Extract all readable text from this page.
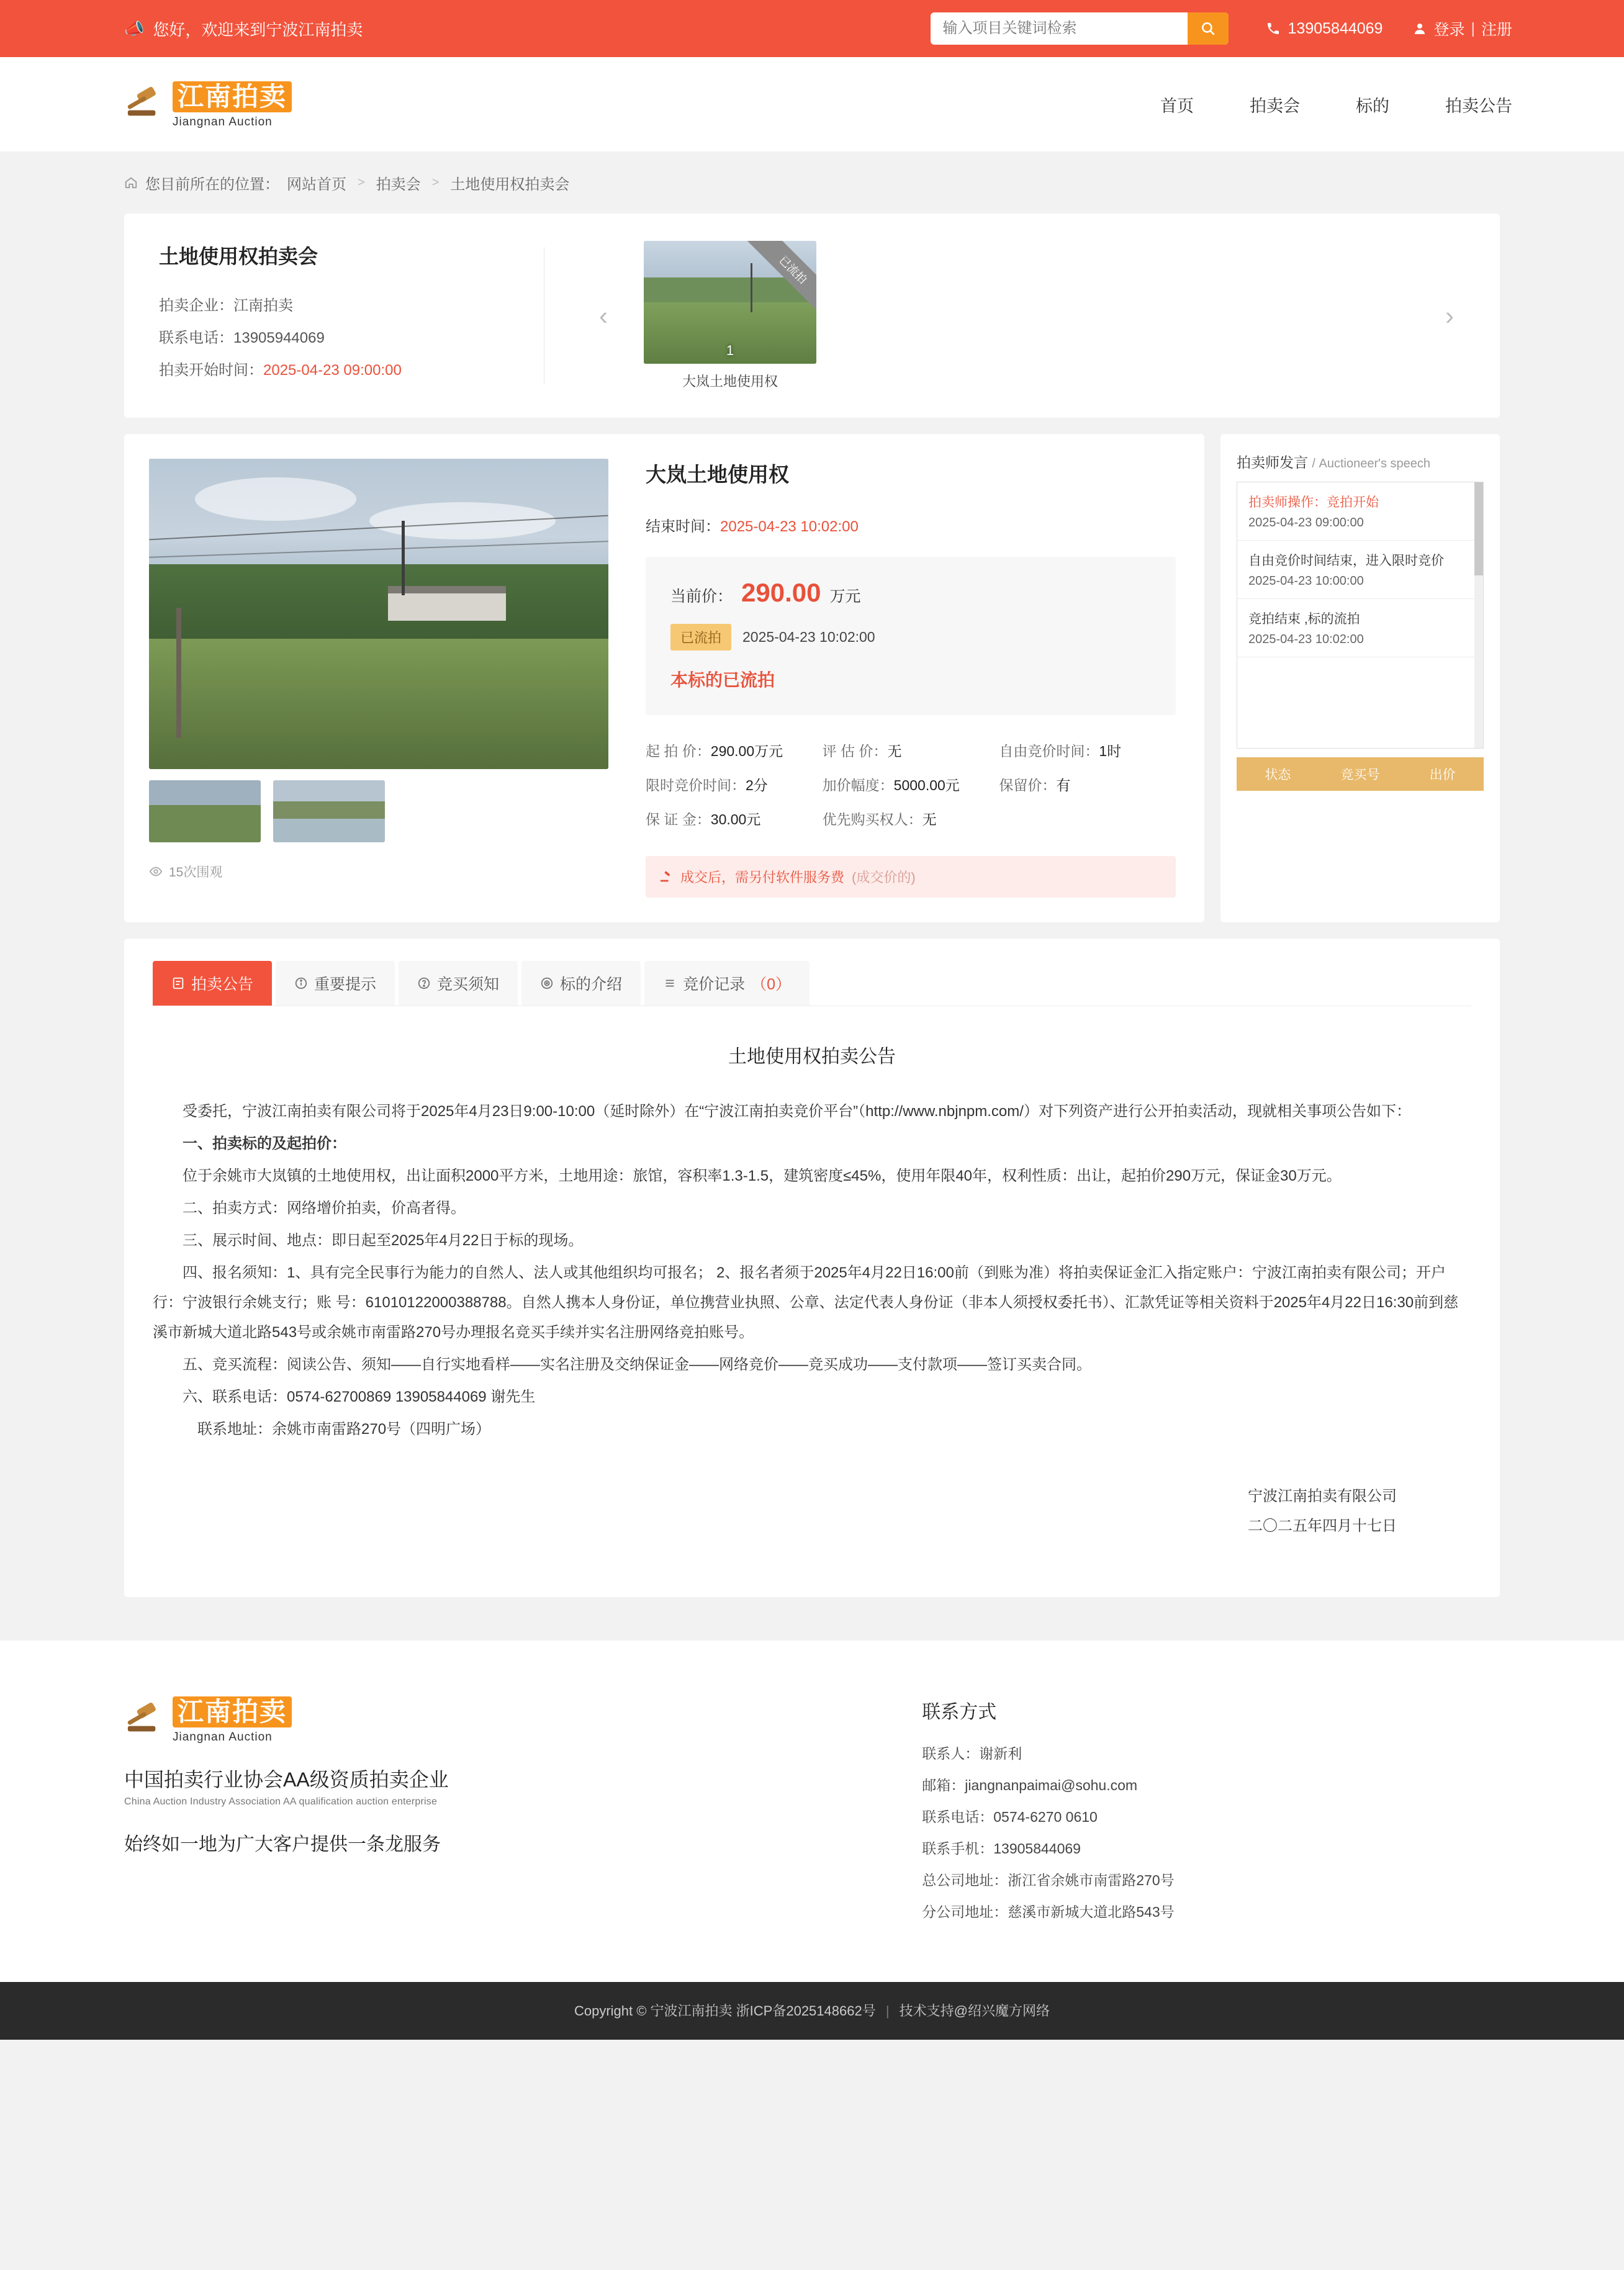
📣 您好，欢迎来到宁波江南拍卖
输入项目关键词检索	13905844069	登录 | 注册
江南拍卖
Jiangnan Auction
首页	拍卖会	标的	拍卖公告
您目前所在的位置： 网站首页 > 拍卖会 > 土地使用权拍卖会
土地使用权拍卖会
拍卖企业：江南拍卖
联系电话：13905944069
拍卖开始时间：2025-04-23 09:00:00
‹
已流拍
1
大岚土地使用权
›
15次围观
大岚土地使用权
结束时间：2025-04-23 10:02:00
当前价： 290.00 万元
已流拍	2025-04-23 10:02:00
本标的已流拍
起 拍 价：290.00万元	评 估 价：无	自由竞价时间：1时
限时竞价时间：2分	加价幅度：5000.00元	保留价：有
保 证 金：30.00元	优先购买权人：无
成交后，需另付软件服务费 (成交价的)
拍卖师发言 / Auctioneer's speech
拍卖师操作：竞拍开始
2025-04-23 09:00:00
自由竞价时间结束，进入限时竞价
2025-04-23 10:00:00
竞拍结束 ,标的流拍
2025-04-23 10:02:00
状态	竞买号	出价
拍卖公告	重要提示	竞买须知	标的介绍	竞价记录 （0）
土地使用权拍卖公告

受委托，宁波江南拍卖有限公司将于2025年4月23日9:00-10:00（延时除外）在“宁波江南拍卖竞价平台”（http://www.nbjnpm.com/）对下列资产进行公开拍卖活动，现就相关事项公告如下：

一、拍卖标的及起拍价：

位于余姚市大岚镇的土地使用权，出让面积2000平方米，土地用途：旅馆，容积率1.3-1.5，建筑密度≤45%，使用年限40年，权利性质：出让，起拍价290万元，保证金30万元。

二、拍卖方式：网络增价拍卖，价高者得。

三、展示时间、地点：即日起至2025年4月22日于标的现场。

四、报名须知：1、具有完全民事行为能力的自然人、法人或其他组织均可报名； 2、报名者须于2025年4月22日16:00前（到账为准）将拍卖保证金汇入指定账户：宁波江南拍卖有限公司；开户行：宁波银行余姚支行；账 号：61010122000388788。自然人携本人身份证，单位携营业执照、公章、法定代表人身份证（非本人须授权委托书）、汇款凭证等相关资料于2025年4月22日16:30前到慈溪市新城大道北路543号或余姚市南雷路270号办理报名竞买手续并实名注册网络竞拍账号。

五、竞买流程：阅读公告、须知——自行实地看样——实名注册及交纳保证金——网络竞价——竞买成功——支付款项——签订买卖合同。

六、联系电话：0574-62700869 13905844069 谢先生

联系地址：余姚市南雷路270号（四明广场）

宁波江南拍卖有限公司
二〇二五年四月十七日
江南拍卖
Jiangnan Auction
中国拍卖行业协会AA级资质拍卖企业
China Auction Industry Association AA qualification auction enterprise
始终如一地为广大客户提供一条龙服务
联系方式
联系人：谢新利
邮箱：jiangnanpaimai@sohu.com
联系电话：0574-6270 0610
联系手机：13905844069
总公司地址：浙江省余姚市南雷路270号
分公司地址：慈溪市新城大道北路543号
Copyright © 宁波江南拍卖 浙ICP备2025148662号 | 技术支持@绍兴魔方网络
